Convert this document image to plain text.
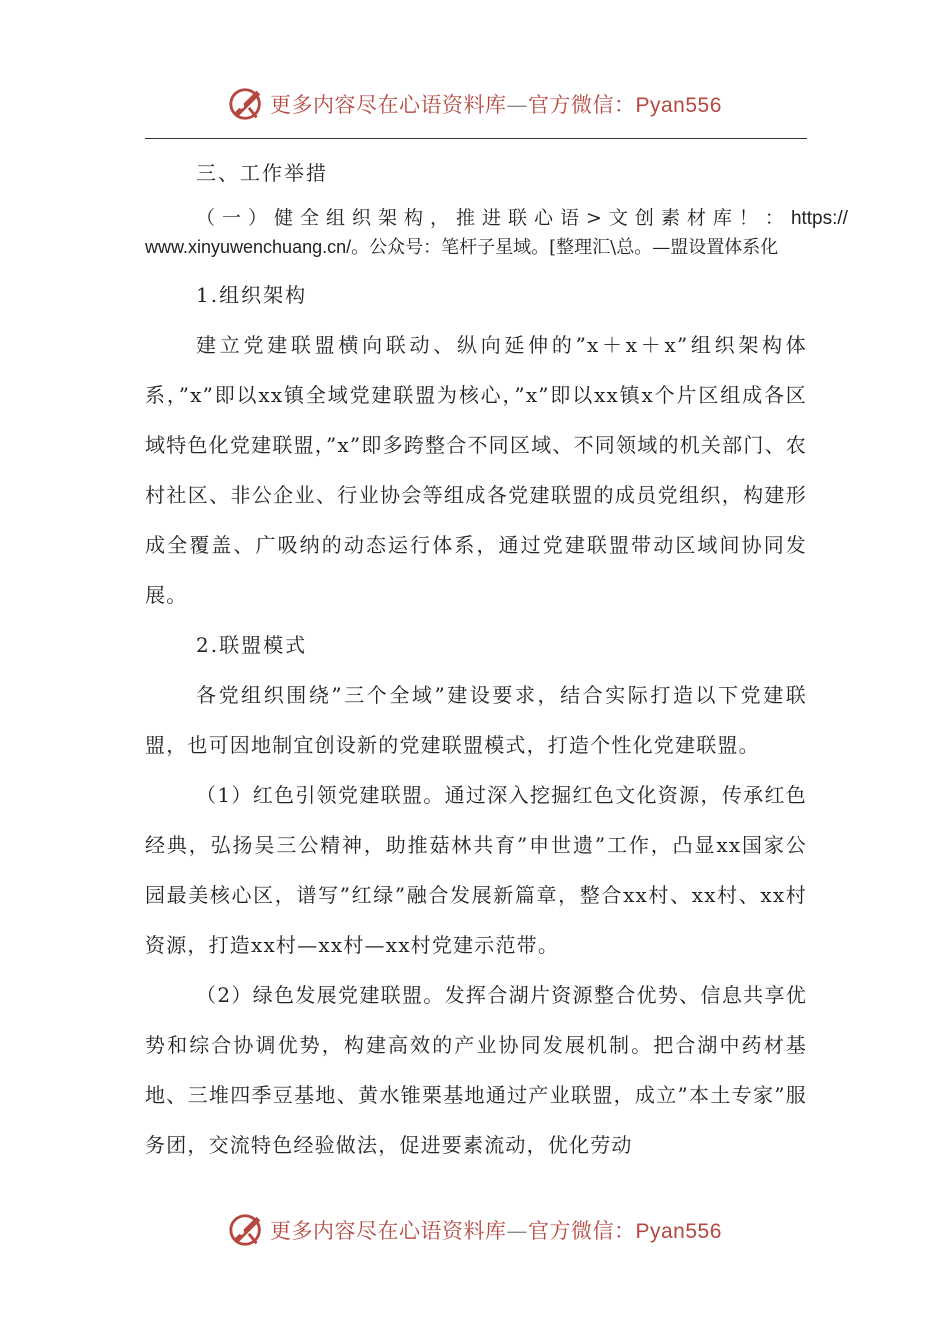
更多内容尽在心语资料库—官方微信：Pyan556

三、工作举措

（一）健全组织架构，推进联心语>文创素材库！：https://

www.xinyuwenchuang.cn/。公众号：笔杆子星域。[整理汇\总。—盟设置体系化

1.组织架构

建立党建联盟横向联动、纵向延伸的”x＋x＋x”组织架构体系，”x”即以xx镇全域党建联盟为核心，”x”即以xx镇x个片区组成各区域特色化党建联盟，”x”即多跨整合不同区域、不同领域的机关部门、农村社区、非公企业、行业协会等组成各党建联盟的成员党组织，构建形成全覆盖、广吸纳的动态运行体系，通过党建联盟带动区域间协同发展。

2.联盟模式

各党组织围绕”三个全域”建设要求，结合实际打造以下党建联盟，也可因地制宜创设新的党建联盟模式，打造个性化党建联盟。

（1）红色引领党建联盟。通过深入挖掘红色文化资源，传承红色经典，弘扬吴三公精神，助推菇林共育”申世遗”工作，凸显xx国家公园最美核心区，谱写”红绿”融合发展新篇章，整合xx村、xx村、xx村资源，打造xx村—xx村—xx村党建示范带。

（2）绿色发展党建联盟。发挥合湖片资源整合优势、信息共享优势和综合协调优势，构建高效的产业协同发展机制。把合湖中药材基地、三堆四季豆基地、黄水锥栗基地通过产业联盟，成立”本土专家”服务团，交流特色经验做法，促进要素流动，优化劳动

更多内容尽在心语资料库—官方微信：Pyan556
